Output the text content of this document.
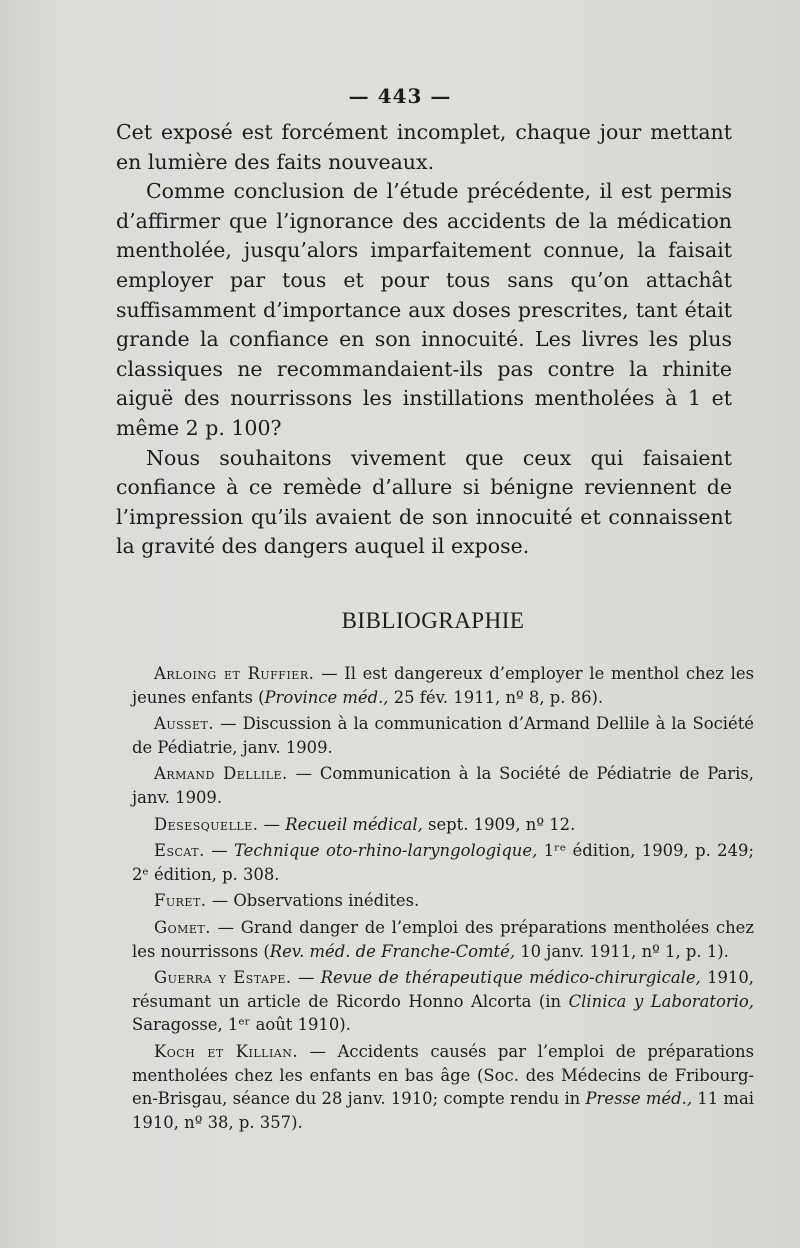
— 443 —

Cet exposé est forcément incomplet, chaque jour mettant en lumière des faits nouveaux.

Comme conclusion de l’étude précédente, il est permis d’affirmer que l’ignorance des accidents de la médication mentholée, jusqu’alors imparfaitement connue, la faisait employer par tous et pour tous sans qu’on attachât suffisamment d’importance aux doses prescrites, tant était grande la confiance en son innocuité. Les livres les plus classiques ne recommandaient-ils pas contre la rhinite aiguë des nourrissons les instillations mentholées à 1 et même 2 p. 100?

Nous souhaitons vivement que ceux qui faisaient confiance à ce remède d’allure si bénigne reviennent de l’impression qu’ils avaient de son innocuité et connaissent la gravité des dangers auquel il expose.

BIBLIOGRAPHIE

Arloing et Ruffier. — Il est dangereux d’employer le menthol chez les jeunes enfants (Province méd., 25 fév. 1911, nº 8, p. 86).

Ausset. — Discussion à la communication d’Armand Dellile à la Société de Pédiatrie, janv. 1909.

Armand Dellile. — Communication à la Société de Pédiatrie de Paris, janv. 1909.

Desesquelle. — Recueil médical, sept. 1909, nº 12.

Escat. — Technique oto-rhino-laryngologique, 1ʳᵉ édition, 1909, p. 249; 2ᵉ édition, p. 308.

Furet. — Observations inédites.

Gomet. — Grand danger de l’emploi des préparations mentholées chez les nourrissons (Rev. méd. de Franche-Comté, 10 janv. 1911, nº 1, p. 1).

Guerra y Estape. — Revue de thérapeutique médico-chirurgicale, 1910, résumant un article de Ricordo Honno Alcorta (in Clinica y Laboratorio, Saragosse, 1ᵉʳ août 1910).

Koch et Killian. — Accidents causés par l’emploi de préparations mentholées chez les enfants en bas âge (Soc. des Médecins de Fribourg-en-Brisgau, séance du 28 janv. 1910; compte rendu in Presse méd., 11 mai 1910, nº 38, p. 357).
